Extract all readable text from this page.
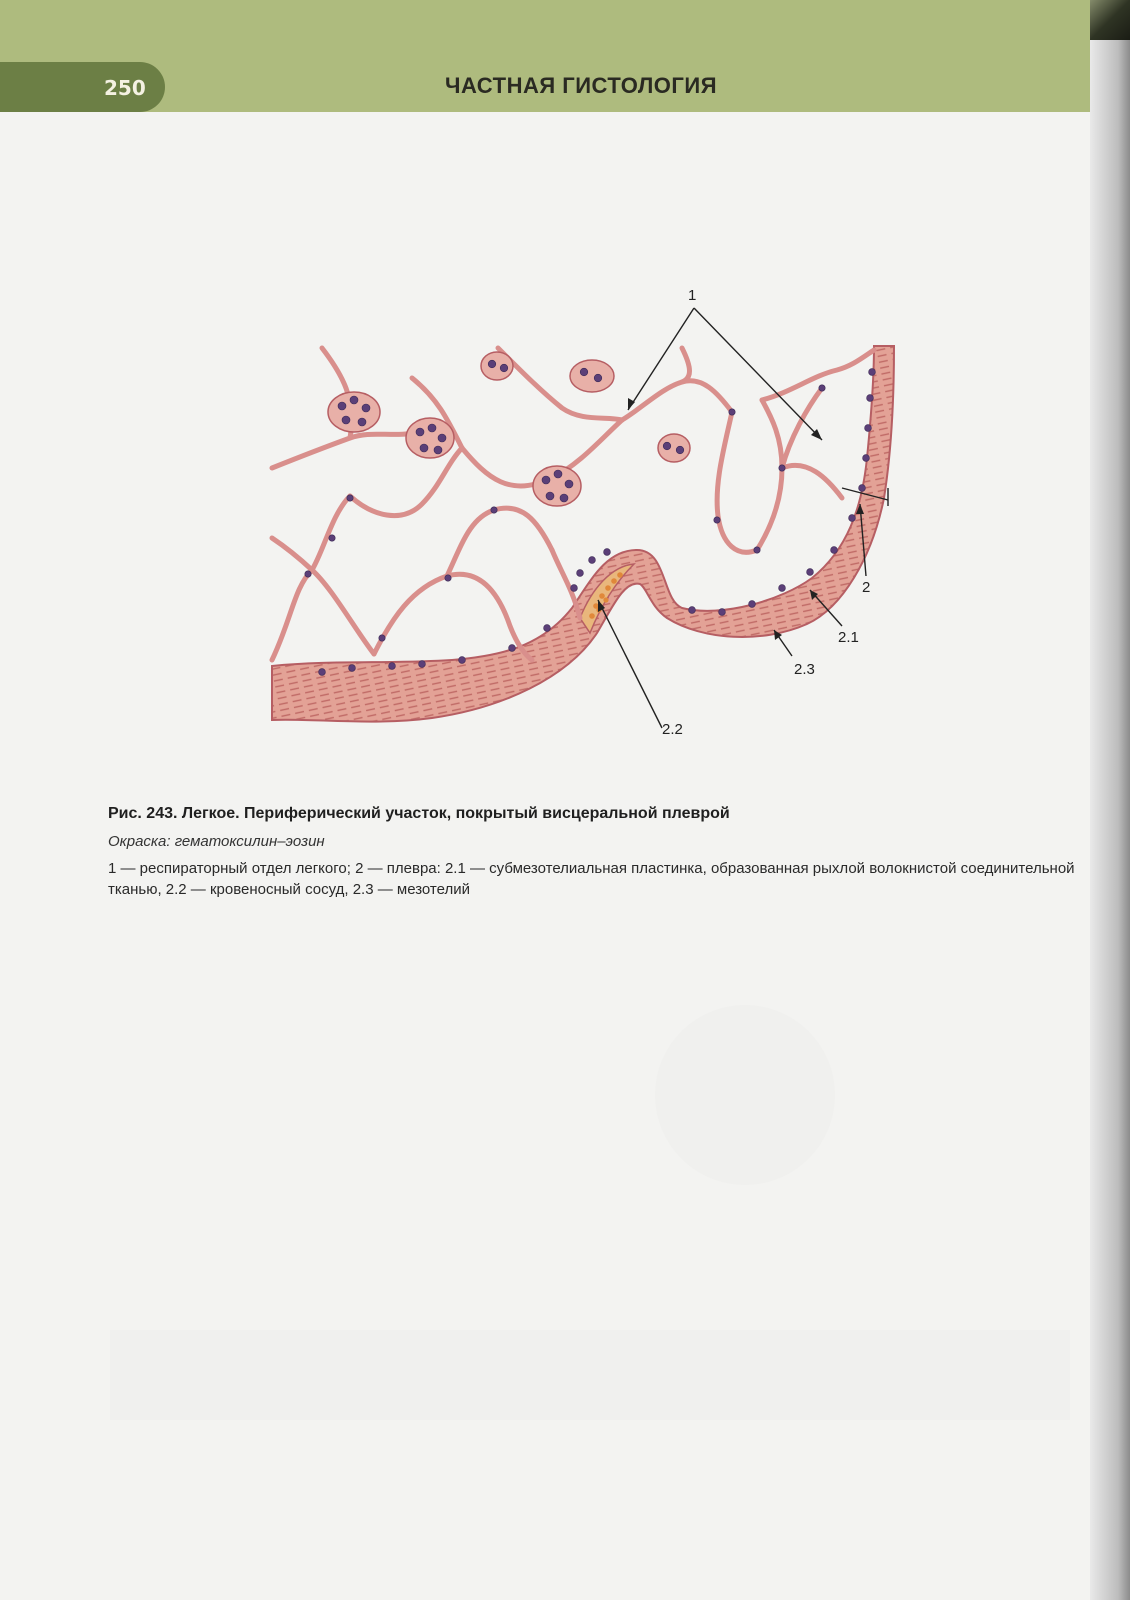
250	ЧАСТНАЯ ГИСТОЛОГИЯ
1
2
2.1
2.3
2.2

Рис. 243. Легкое. Периферический участок, покрытый висцеральной плеврой

Окраска: гематоксилин–эозин

1 — респираторный отдел легкого; 2 — плевра: 2.1 — субмезотелиальная пластинка, образованная рыхлой волокнистой соединительной тканью, 2.2 — кровеносный сосуд, 2.3 — мезотелий
